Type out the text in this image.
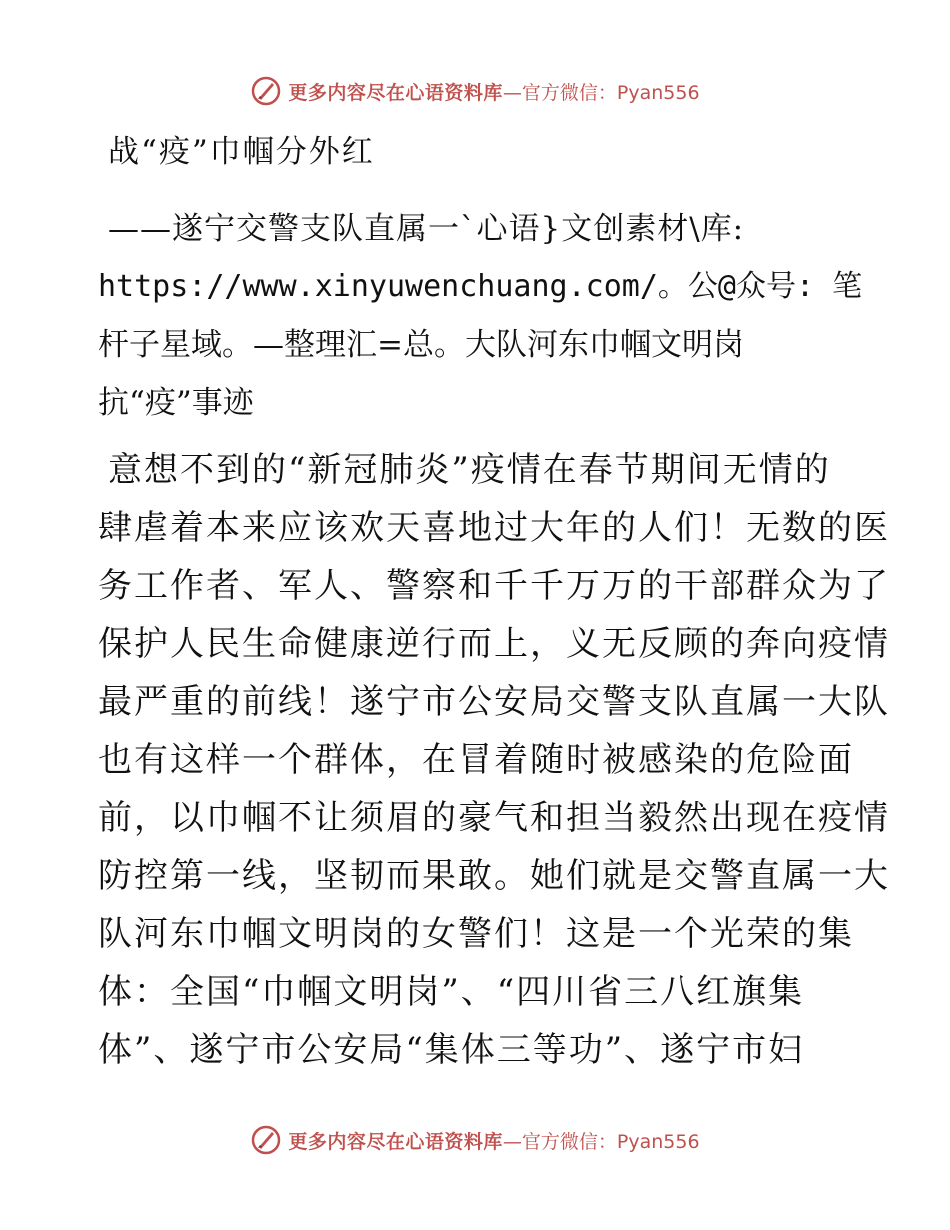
更多内容尽在心语资料库 —官方微信：Pyan556
战“疫”巾帼分外红
——遂宁交警支队直属一`心语}文创素材\库:
https://www.xinyuwenchuang.com/。公@众号: 笔
杆子星域。—整理汇=总。大队河东巾帼文明岗
抗“疫”事迹
意想不到的“新冠肺炎”疫情在春节期间无情的
肆虐着本来应该欢天喜地过大年的人们！无数的医
务工作者、军人、警察和千千万万的干部群众为了
保护人民生命健康逆行而上，义无反顾的奔向疫情
最严重的前线！遂宁市公安局交警支队直属一大队
也有这样一个群体，在冒着随时被感染的危险面
前，以巾帼不让须眉的豪气和担当毅然出现在疫情
防控第一线，坚韧而果敢。她们就是交警直属一大
队河东巾帼文明岗的女警们！这是一个光荣的集
体：全国“巾帼文明岗”、“四川省三八红旗集
体”、遂宁市公安局“集体三等功”、遂宁市妇
更多内容尽在心语资料库 —官方微信：Pyan556
